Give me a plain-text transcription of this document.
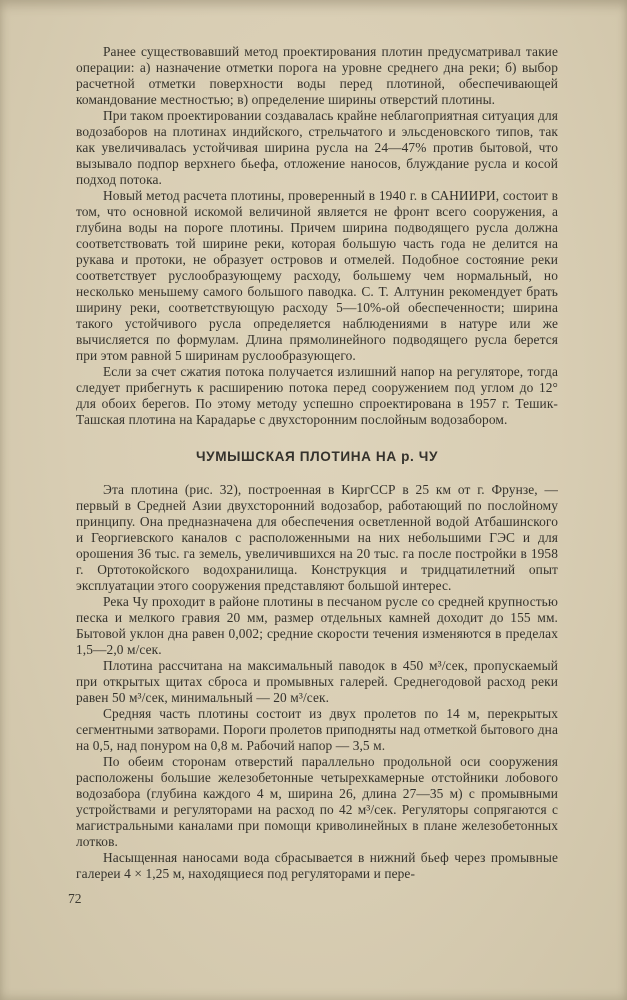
Ранее существовавший метод проектирования плотин предусматривал такие операции: а) назначение отметки порога на уровне среднего дна реки; б) выбор расчетной отметки поверхности воды перед плотиной, обеспечивающей командование местностью; в) определение ширины отверстий плотины.

При таком проектировании создавалась крайне неблагоприятная ситуация для водозаборов на плотинах индийского, стрельчатого и эльсденовского типов, так как увеличивалась устойчивая ширина русла на 24—47% против бытовой, что вызывало подпор верхнего бьефа, отложение наносов, блуждание русла и косой подход потока.

Новый метод расчета плотины, проверенный в 1940 г. в САНИИРИ, состоит в том, что основной искомой величиной является не фронт всего сооружения, а глубина воды на пороге плотины. Причем ширина подводящего русла должна соответствовать той ширине реки, которая большую часть года не делится на рукава и протоки, не образует островов и отмелей. Подобное состояние реки соответствует руслообразующему расходу, большему чем нормальный, но несколько меньшему самого большого паводка. С. Т. Алтунин рекомендует брать ширину реки, соответствующую расходу 5—10%-ой обеспеченности; ширина такого устойчивого русла определяется наблюдениями в натуре или же вычисляется по формулам. Длина прямолинейного подводящего русла берется при этом равной 5 ширинам руслообразующего.

Если за счет сжатия потока получается излишний напор на регуляторе, тогда следует прибегнуть к расширению потока перед сооружением под углом до 12° для обоих берегов. По этому методу успешно спроектирована в 1957 г. Тешик-Ташская плотина на Карадарье с двухсторонним послойным водозабором.

ЧУМЫШСКАЯ ПЛОТИНА НА р. ЧУ

Эта плотина (рис. 32), построенная в КиргССР в 25 км от г. Фрунзе, — первый в Средней Азии двухсторонний водозабор, работающий по послойному принципу. Она предназначена для обеспечения осветленной водой Атбашинского и Георгиевского каналов с расположенными на них небольшими ГЭС и для орошения 36 тыс. га земель, увеличившихся на 20 тыс. га после постройки в 1958 г. Ортотокойского водохранилища. Конструкция и тридцатилетний опыт эксплуатации этого сооружения представляют большой интерес.

Река Чу проходит в районе плотины в песчаном русле со средней крупностью песка и мелкого гравия 20 мм, размер отдельных камней доходит до 155 мм. Бытовой уклон дна равен 0,002; средние скорости течения изменяются в пределах 1,5—2,0 м/сек.

Плотина рассчитана на максимальный паводок в 450 м³/сек, пропускаемый при открытых щитах сброса и промывных галерей. Среднегодовой расход реки равен 50 м³/сек, минимальный — 20 м³/сек.

Средняя часть плотины состоит из двух пролетов по 14 м, перекрытых сегментными затворами. Пороги пролетов приподняты над отметкой бытового дна на 0,5, над понуром на 0,8 м. Рабочий напор — 3,5 м.

По обеим сторонам отверстий параллельно продольной оси сооружения расположены большие железобетонные четырехкамерные отстойники лобового водозабора (глубина каждого 4 м, ширина 26, длина 27—35 м) с промывными устройствами и регуляторами на расход по 42 м³/сек. Регуляторы сопрягаются с магистральными каналами при помощи криволинейных в плане железобетонных лотков.

Насыщенная наносами вода сбрасывается в нижний бьеф через промывные галереи 4 × 1,25 м, находящиеся под регуляторами и пере-

72
